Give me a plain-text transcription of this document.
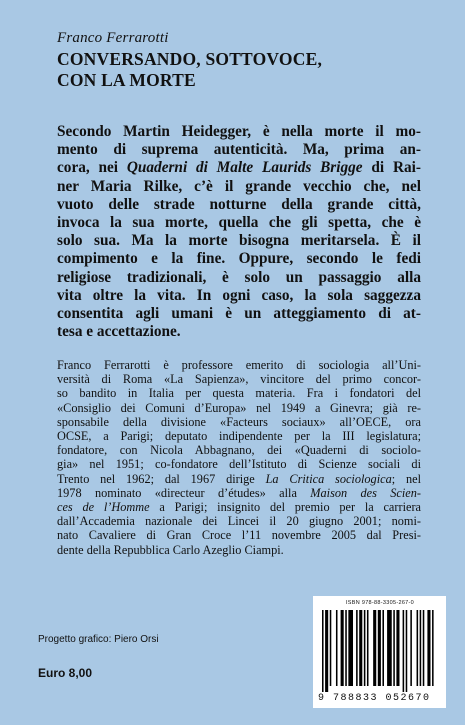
Franco Ferrarotti
CONVERSANDO, SOTTOVOCE,
CON LA MORTE
Secondo Martin Heidegger, è nella morte il mo-
mento di suprema autenticità. Ma, prima an-
cora, nei Quaderni di Malte Laurids Brigge di Rai-
ner Maria Rilke, c’è il grande vecchio che, nel
vuoto delle strade notturne della grande città,
invoca la sua morte, quella che gli spetta, che è
solo sua. Ma la morte bisogna meritarsela. È il
compimento e la fine. Oppure, secondo le fedi
religiose tradizionali, è solo un passaggio alla
vita oltre la vita. In ogni caso, la sola saggezza
consentita agli umani è un atteggiamento di at-
tesa e accettazione.
Franco Ferrarotti è professore emerito di sociologia all’Uni-
versità di Roma «La Sapienza», vincitore del primo concor-
so bandito in Italia per questa materia. Fra i fondatori del
«Consiglio dei Comuni d’Europa» nel 1949 a Ginevra; già re-
sponsabile della divisione «Facteurs sociaux» all’OECE, ora
OCSE, a Parigi; deputato indipendente per la III legislatura;
fondatore, con Nicola Abbagnano, dei «Quaderni di sociolo-
gia» nel 1951; co-fondatore dell’Istituto di Scienze sociali di
Trento nel 1962; dal 1967 dirige La Critica sociologica; nel
1978 nominato «directeur d’études» alla Maison des Scien-
ces de l’Homme a Parigi; insignito del premio per la carriera
dall’Accademia nazionale dei Lincei il 20 giugno 2001; nomi-
nato Cavaliere di Gran Croce l’11 novembre 2005 dal Presi-
dente della Repubblica Carlo Azeglio Ciampi.
Progetto grafico: Piero Orsi
Euro 8,00
ISBN 978-88-3305-267-0
9 788833 052670
